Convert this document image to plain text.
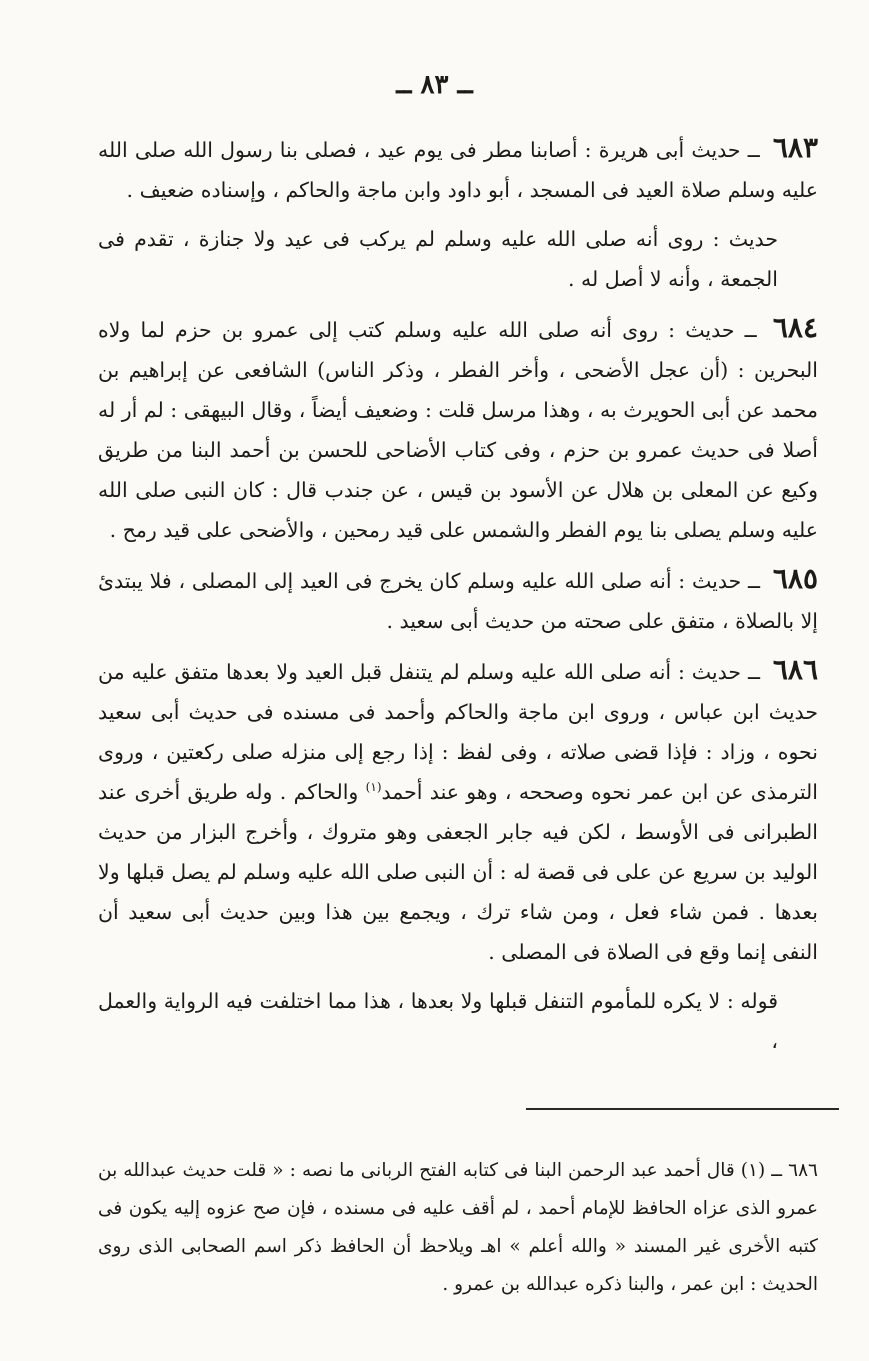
ــ ٨٣ ــ

٦٨٣ ــ حديث أبى هريرة : أصابنا مطر فى يوم عيد ، فصلى بنا رسول الله صلى الله عليه وسلم صلاة العيد فى المسجد ، أبو داود وابن ماجة والحاكم ، وإسناده ضعيف .

حديث : روى أنه صلى الله عليه وسلم لم يركب فى عيد ولا جنازة ، تقدم فى الجمعة ، وأنه لا أصل له .

٦٨٤ ــ حديث : روى أنه صلى الله عليه وسلم كتب إلى عمرو بن حزم لما ولاه البحرين : (أن عجل الأضحى ، وأخر الفطر ، وذكر الناس) الشافعى عن إبراهيم بن محمد عن أبى الحويرث به ، وهذا مرسل قلت : وضعيف أيضاً ، وقال البيهقى : لم أر له أصلا فى حديث عمرو بن حزم ، وفى كتاب الأضاحى للحسن بن أحمد البنا من طريق وكيع عن المعلى بن هلال عن الأسود بن قيس ، عن جندب قال : كان النبى صلى الله عليه وسلم يصلى بنا يوم الفطر والشمس على قيد رمحين ، والأضحى على قيد رمح .

٦٨٥ ــ حديث : أنه صلى الله عليه وسلم كان يخرج فى العيد إلى المصلى ، فلا يبتدئ إلا بالصلاة ، متفق على صحته من حديث أبى سعيد .

٦٨٦ ــ حديث : أنه صلى الله عليه وسلم لم يتنفل قبل العيد ولا بعدها متفق عليه من حديث ابن عباس ، وروى ابن ماجة والحاكم وأحمد فى مسنده فى حديث أبى سعيد نحوه ، وزاد : فإذا قضى صلاته ، وفى لفظ : إذا رجع إلى منزله صلى ركعتين ، وروى الترمذى عن ابن عمر نحوه وصححه ، وهو عند أحمد$^{(١)}$ والحاكم . وله طريق أخرى عند الطبرانى فى الأوسط ، لكن فيه جابر الجعفى وهو متروك ، وأخرج البزار من حديث الوليد بن سريع عن على فى قصة له : أن النبى صلى الله عليه وسلم لم يصل قبلها ولا بعدها . فمن شاء فعل ، ومن شاء ترك ، ويجمع بين هذا وبين حديث أبى سعيد أن النفى إنما وقع فى الصلاة فى المصلى .

قوله : لا يكره للمأموم التنفل قبلها ولا بعدها ، هذا مما اختلفت فيه الرواية والعمل ،

٦٨٦ ــ (١) قال أحمد عبد الرحمن البنا فى كتابه الفتح الربانى ما نصه : « قلت حديث عبدالله بن عمرو الذى عزاه الحافظ للإمام أحمد ، لم أقف عليه فى مسنده ، فإن صح عزوه إليه يكون فى كتبه الأخرى غير المسند « والله أعلم » اهـ ويلاحظ أن الحافظ ذكر اسم الصحابى الذى روى الحديث : ابن عمر ، والبنا ذكره عبدالله بن عمرو .
